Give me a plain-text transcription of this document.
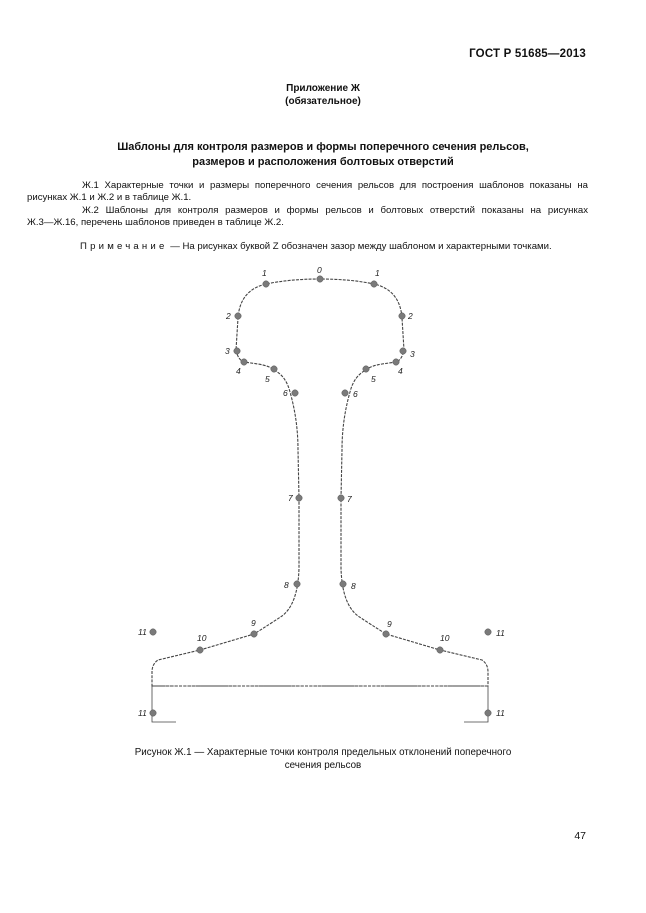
ГОСТ Р 51685—2013
Приложение Ж
(обязательное)
Шаблоны для контроля размеров и формы поперечного сечения рельсов,
размеров и расположения болтовых отверстий
Ж.1 Характерные точки и размеры поперечного сечения рельсов для построения шаблонов показаны на
рисунках Ж.1 и Ж.2 и в таблице Ж.1.
Ж.2 Шаблоны для контроля размеров и формы рельсов и болтовых отверстий показаны на рисунках
Ж.3—Ж.16, перечень шаблонов приведен в таблице Ж.2.
Примечание — На рисунках буквой Z обозначен зазор между шаблоном и характерными точками.
0
1	1
2	2
3	3
4	4
5	5
6	6
7	7
8	8
9	9
10	10
11	11
11	11
Рисунок Ж.1 — Характерные точки контроля предельных отклонений поперечного
сечения рельсов
47
